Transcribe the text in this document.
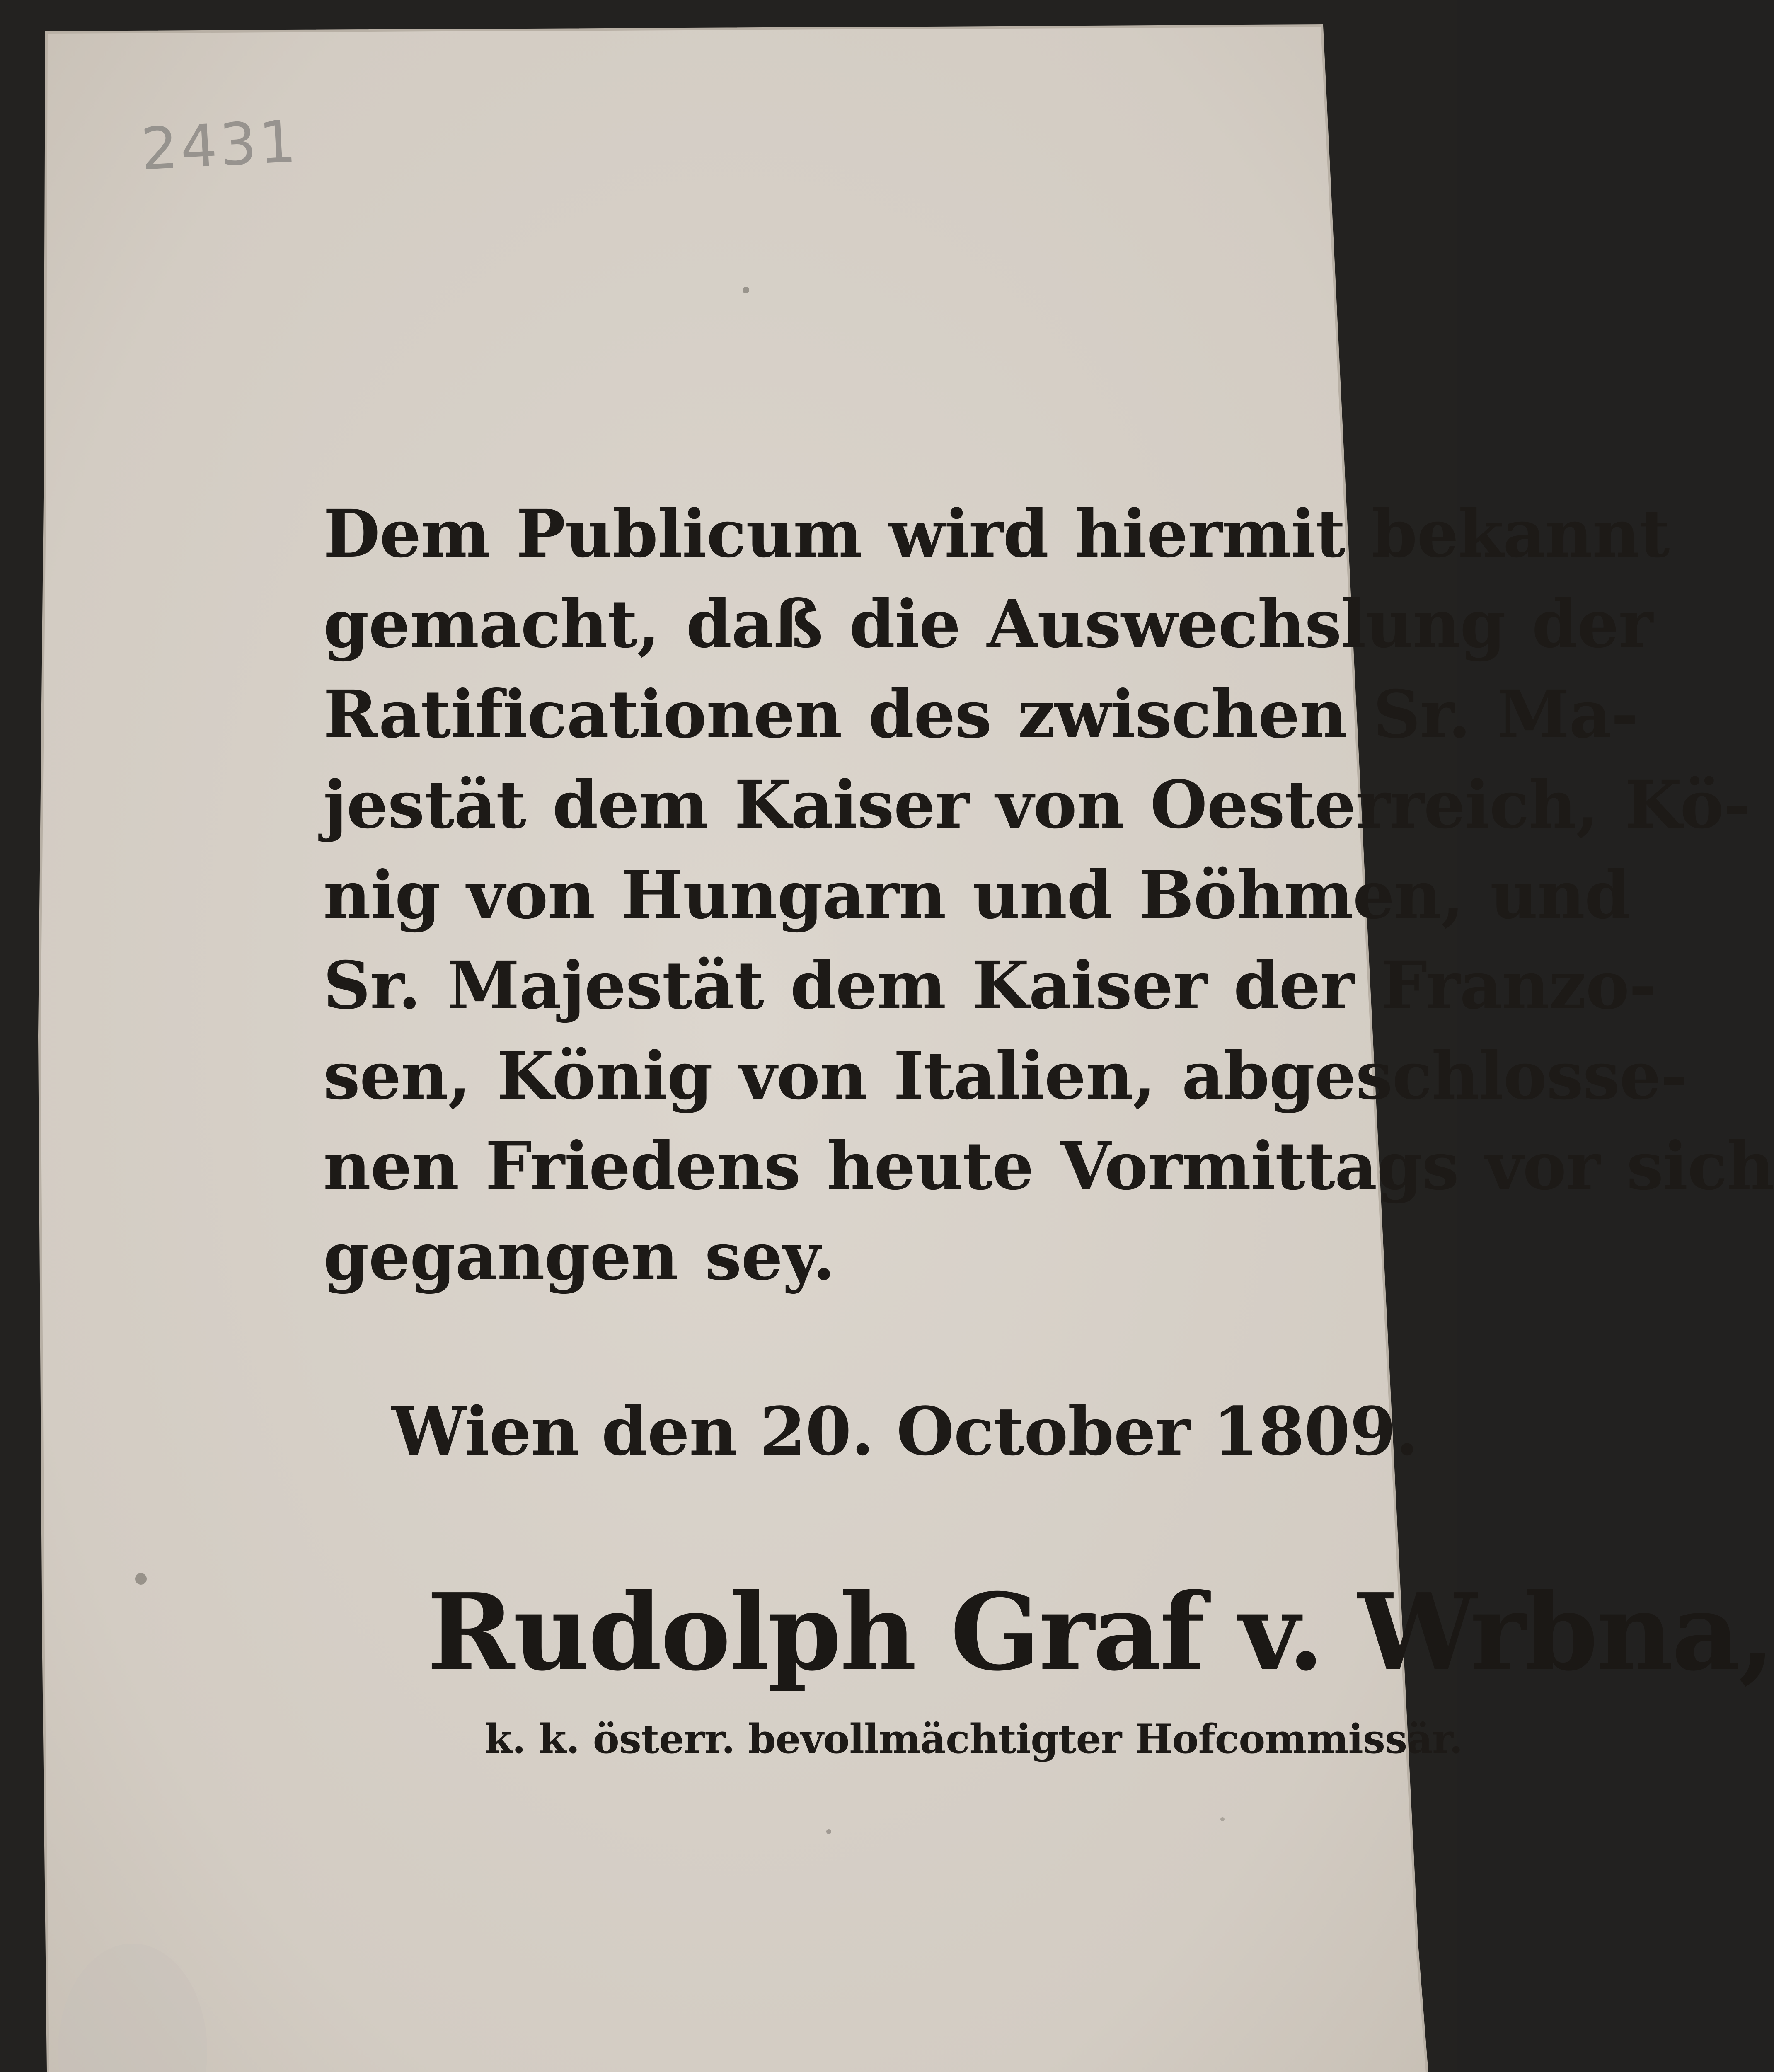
2431
Dem Publicum wird hiermit bekannt
gemacht, daß die Auswechslung der
Ratificationen des zwischen Sr. Ma-
jestät dem Kaiser von Oesterreich, Kö-
nig von Hungarn und Böhmen, und
Sr. Majestät dem Kaiser der Franzo-
sen, König von Italien, abgeschlosse-
nen Friedens heute Vormittags vor sich
gegangen sey.
Wien den 20. October 1809.
Rudolph Graf v. Wrbna,
k. k. österr. bevollmächtigter Hofcommissär.
